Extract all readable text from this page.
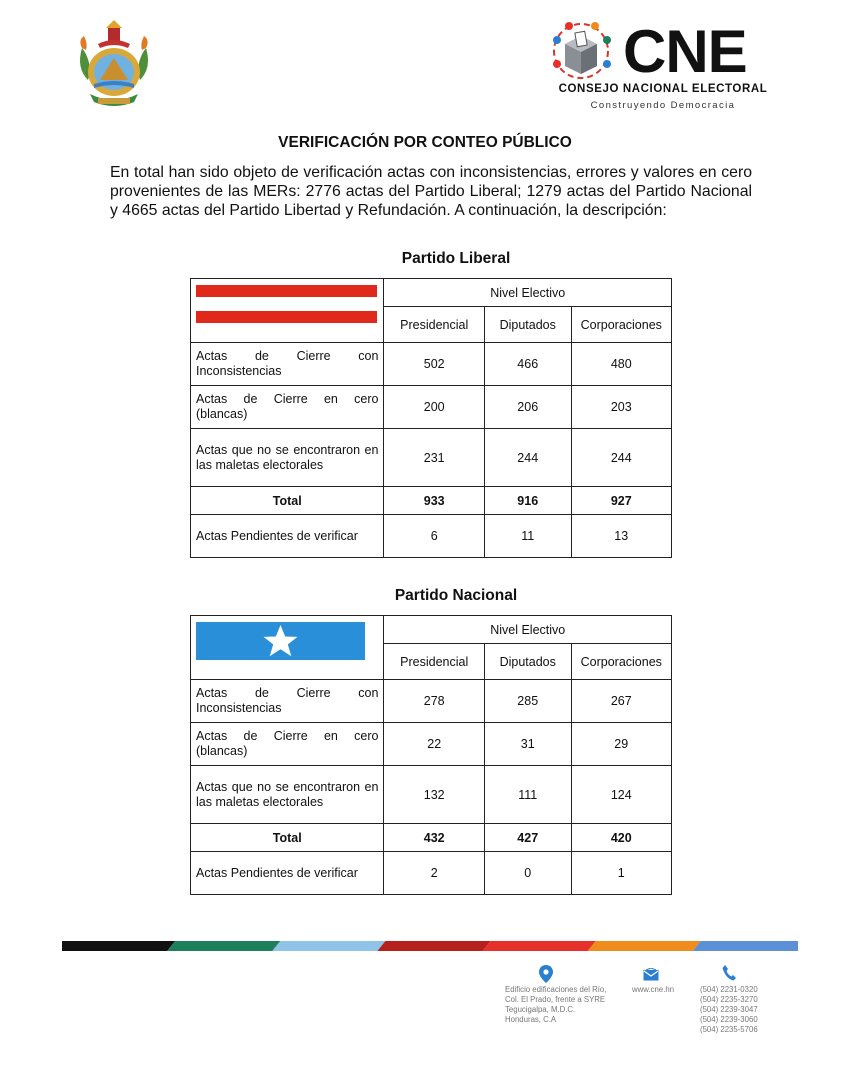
CNE
CONSEJO NACIONAL ELECTORAL
Construyendo Democracia
VERIFICACIÓN POR CONTEO PÚBLICO

En total han sido objeto de verificación actas con inconsistencias, errores y valores en cero provenientes de las MERs: 2776 actas del Partido Liberal; 1279 actas del Partido Nacional y 4665 actas del Partido Libertad y Refundación. A continuación, la descripción:

Partido Liberal
	Nivel Electivo		
	Presidencial	Diputados	Corporaciones
Actas de Cierre con Inconsistencias	502	466	480
Actas de Cierre en cero (blancas)	200	206	203
Actas que no se encontraron en las maletas electorales	231	244	244
Total	933	916	927
Actas Pendientes de verificar	6	11	13
Partido Nacional
	Nivel Electivo		
	Presidencial	Diputados	Corporaciones
Actas de Cierre con Inconsistencias	278	285	267
Actas de Cierre en cero (blancas)	22	31	29
Actas que no se encontraron en las maletas electorales	132	111	124
Total	432	427	420
Actas Pendientes de verificar	2	0	1
Edificio edificaciones del Río,
Col. El Prado, frente a SYRE
Tegucigalpa, M.D.C.
Honduras, C.A
www.cne.hn	(504) 2231-0320
(504) 2235-3270
(504) 2239-3047
(504) 2239-3060
(504) 2235-5706
